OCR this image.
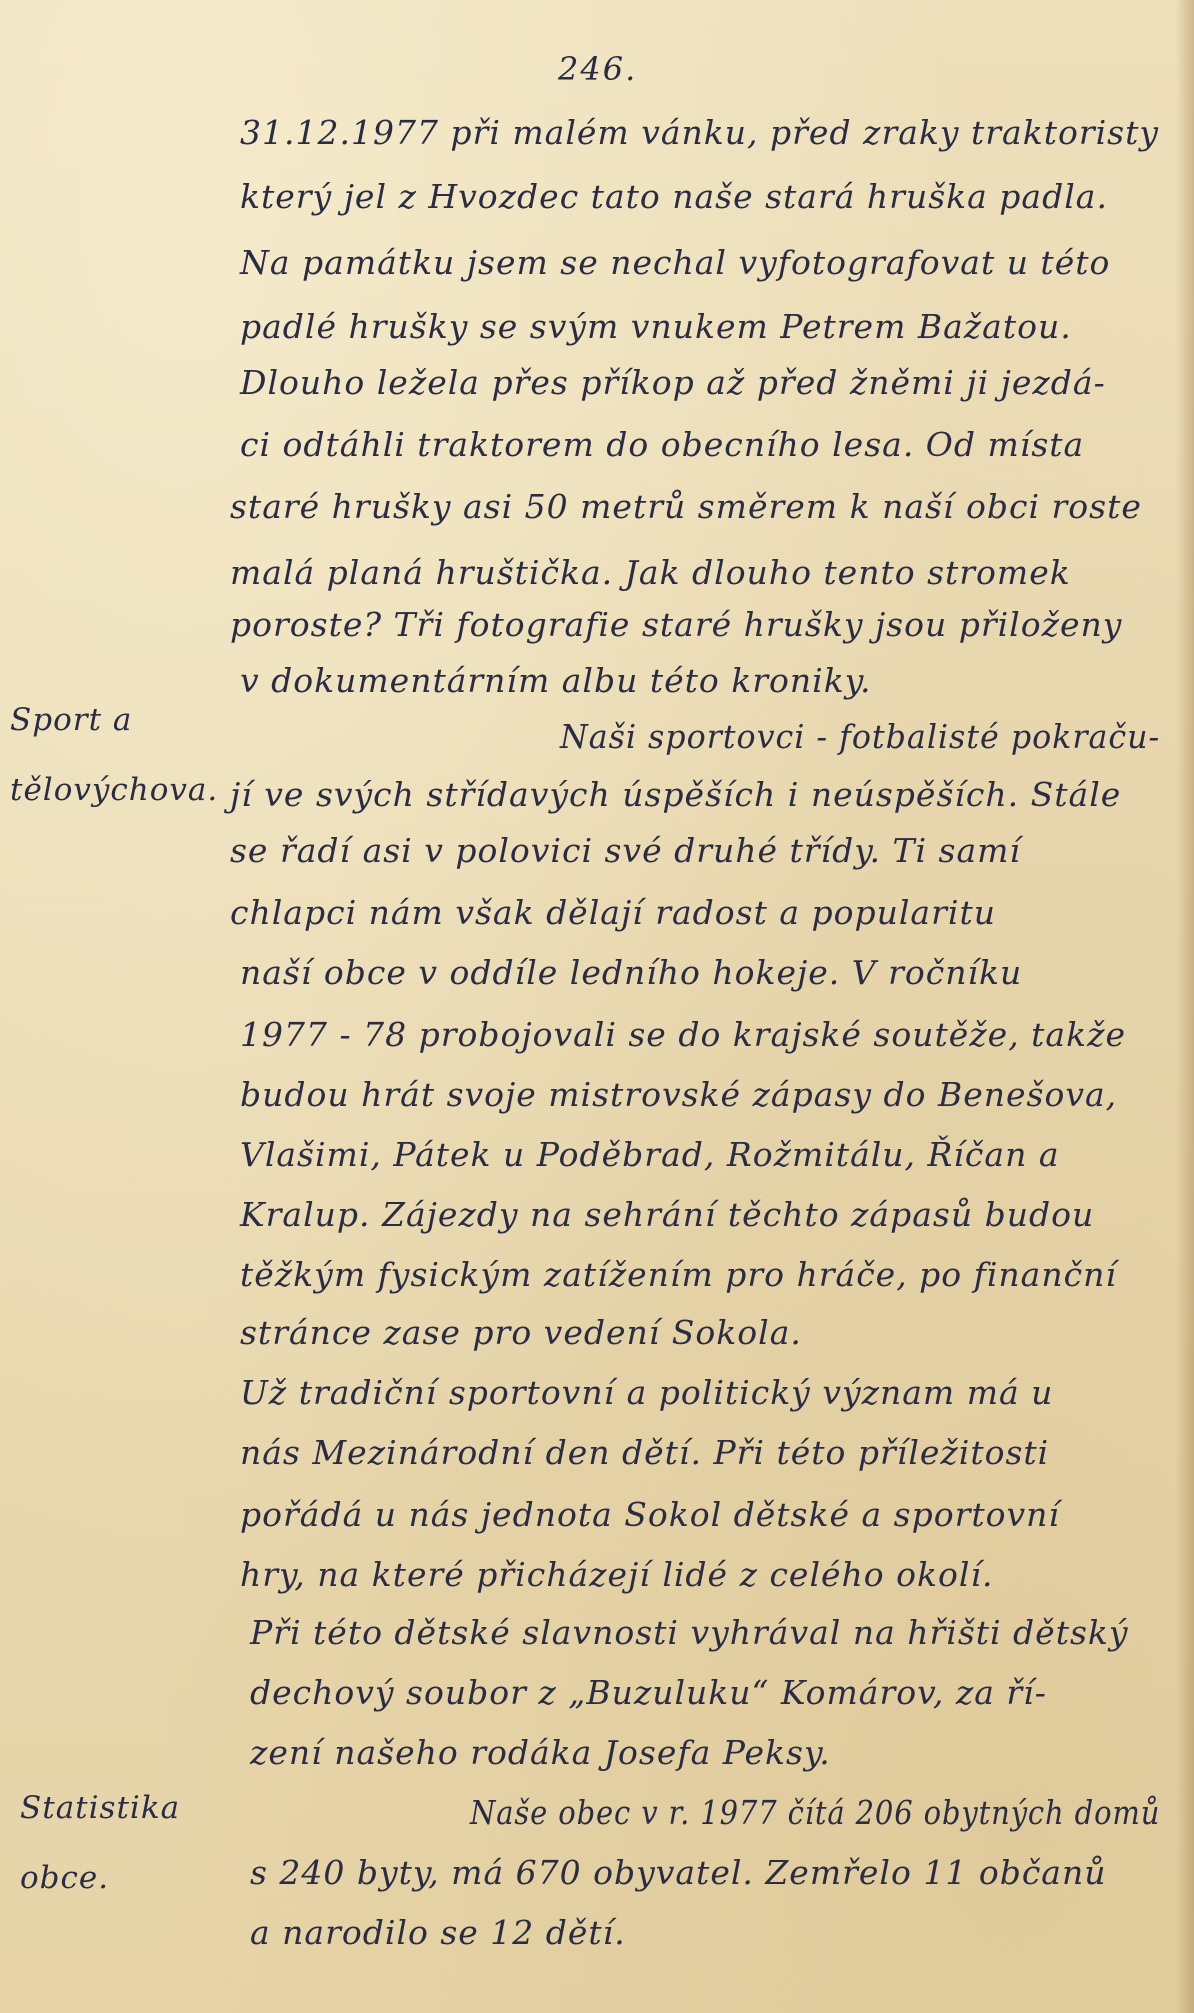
246.
Sport a
tělovýchova.
Statistika
obce.
31.12.1977 při malém vánku, před zraky traktoristy
který jel z Hvozdec tato naše stará hruška padla.
Na památku jsem se nechal vyfotografovat u této
padlé hrušky se svým vnukem Petrem Bažatou.
Dlouho ležela přes příkop až před žněmi ji jezdá-
ci odtáhli traktorem do obecního lesa. Od místa
staré hrušky asi 50 metrů směrem k naší obci roste
malá planá hruštička. Jak dlouho tento stromek
poroste? Tři fotografie staré hrušky jsou přiloženy
v dokumentárním albu této kroniky.
Naši sportovci - fotbalisté pokraču-
jí ve svých střídavých úspěších i neúspěších. Stále
se řadí asi v polovici své druhé třídy. Ti samí
chlapci nám však dělají radost a popularitu
naší obce v oddíle ledního hokeje. V ročníku
1977 - 78 probojovali se do krajské soutěže, takže
budou hrát svoje mistrovské zápasy do Benešova,
Vlašimi, Pátek u Poděbrad, Rožmitálu, Říčan a
Kralup. Zájezdy na sehrání těchto zápasů budou
těžkým fysickým zatížením pro hráče, po finanční
stránce zase pro vedení Sokola.
Už tradiční sportovní a politický význam má u
nás Mezinárodní den dětí. Při této příležitosti
pořádá u nás jednota Sokol dětské a sportovní
hry, na které přicházejí lidé z celého okolí.
Při této dětské slavnosti vyhrával na hřišti dětský
dechový soubor z „Buzuluku“ Komárov, za ří-
zení našeho rodáka Josefa Peksy.
Naše obec v r. 1977 čítá 206 obytných domů
s 240 byty, má 670 obyvatel. Zemřelo 11 občanů
a narodilo se 12 dětí.
